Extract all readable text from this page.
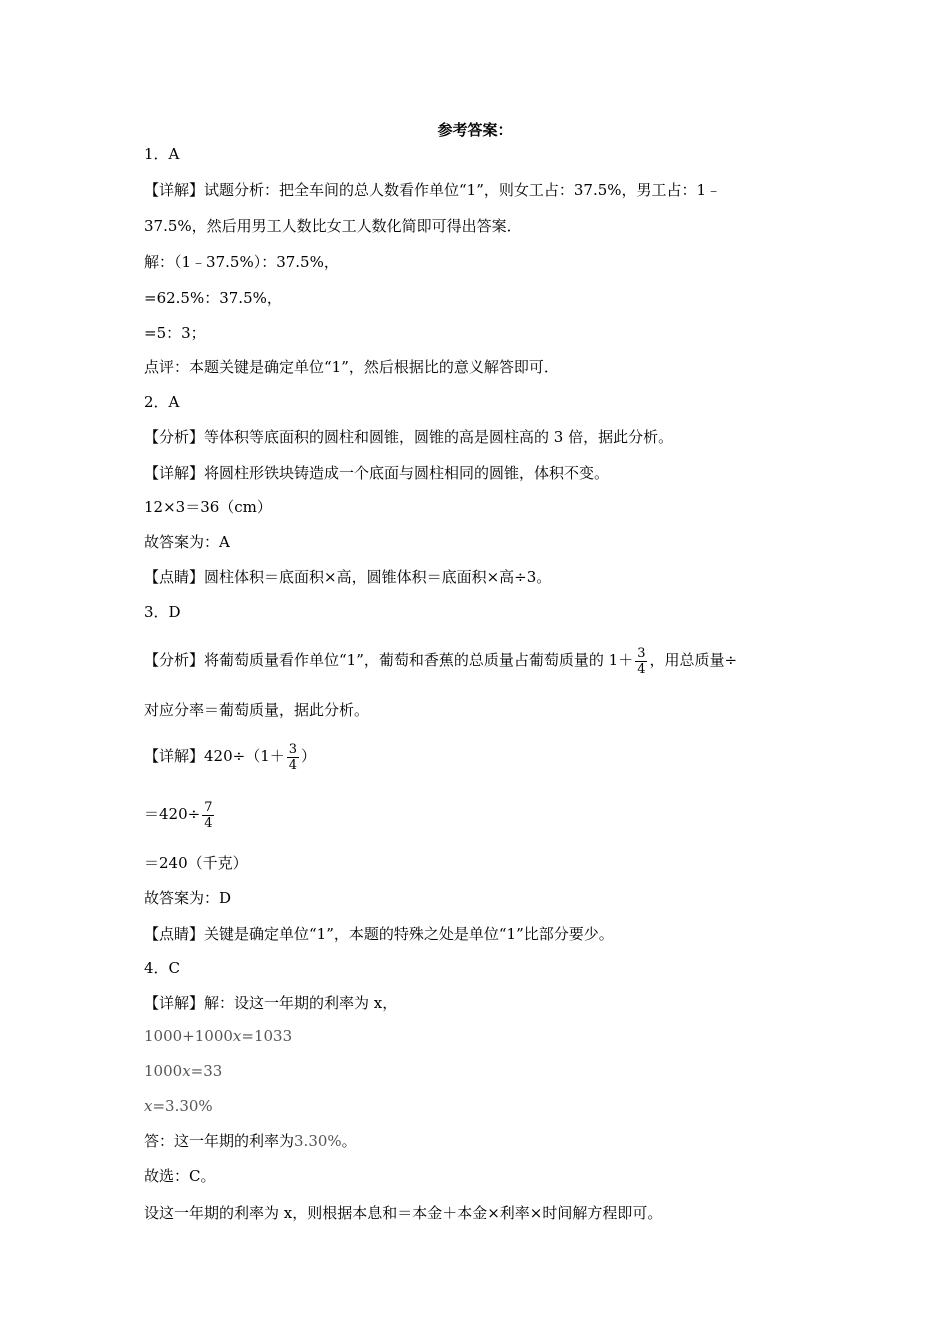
参考答案：
1．A
【详解】试题分析：把全车间的总人数看作单位“1”，则女工占：37.5%，男工占：1﹣
37.5%，然后用男工人数比女工人数化简即可得出答案．
解：（1﹣37.5%）：37.5%，
=62.5%：37.5%，
=5：3；
点评：本题关键是确定单位“1”，然后根据比的意义解答即可．
2．A
【分析】等体积等底面积的圆柱和圆锥，圆锥的高是圆柱高的 3 倍，据此分析。
【详解】将圆柱形铁块铸造成一个底面与圆柱相同的圆锥，体积不变。
12×3＝36（cm）
故答案为：A
【点睛】圆柱体积＝底面积×高，圆锥体积＝底面积×高÷3。
3．D
【分析】将葡萄质量看作单位“1”，葡萄和香蕉的总质量占葡萄质量的 $1+ \frac{3}{4}$ ，用总质量÷
对应分率＝葡萄质量，据此分析。
【详解】$420\div(1+ \frac{3}{4}$ ）
$=420\div \frac{7}{4}$
＝240（千克）
故答案为：D
【点睛】关键是确定单位“1”，本题的特殊之处是单位“1”比部分要少。
4．C
【详解】解：设这一年期的利率为 x，
1000+1000x=1033
1000x=33
x=3.30%
答：这一年期的利率为3.30%。
故选：C。
设这一年期的利率为 x，则根据本息和＝本金＋本金×利率×时间解方程即可。
